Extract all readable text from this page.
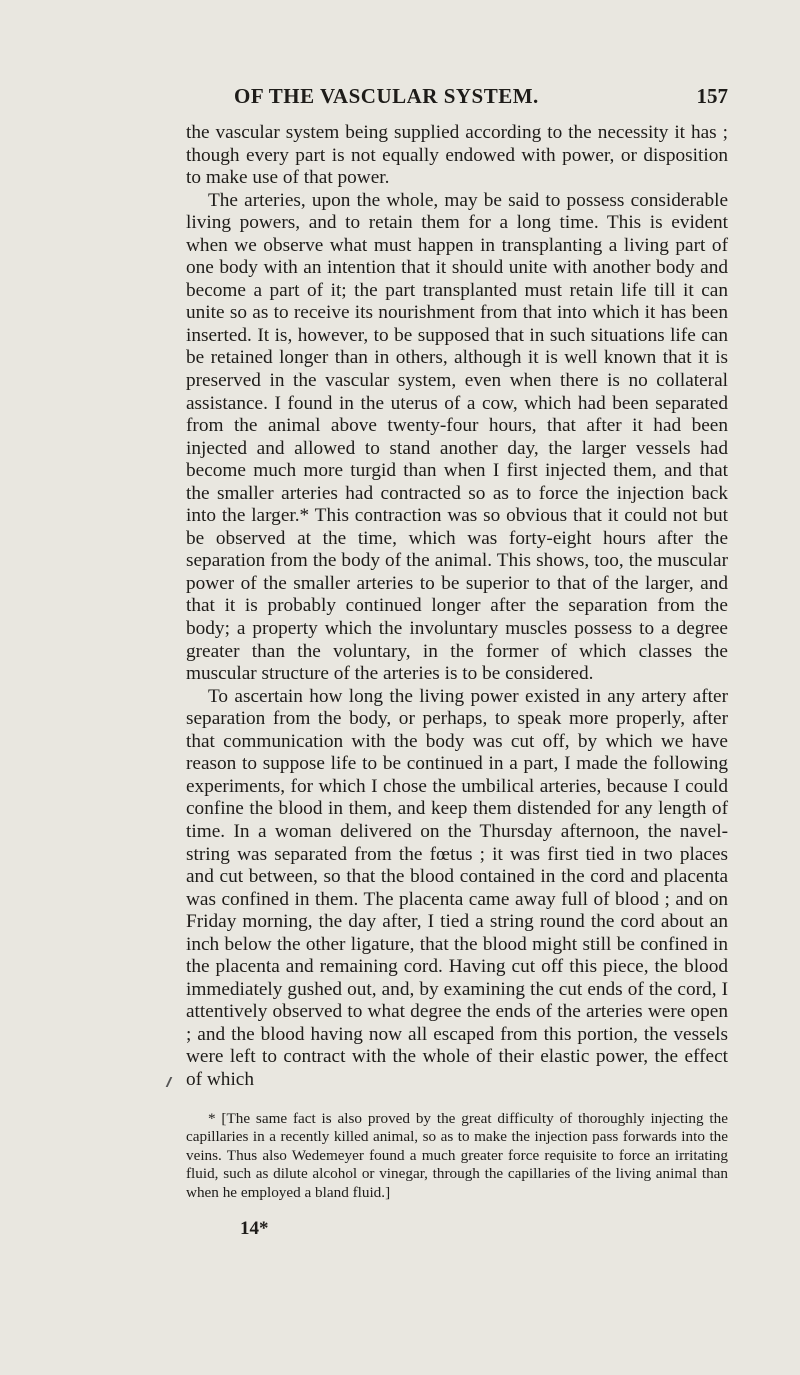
OF THE VASCULAR SYSTEM.	157

the vascular system being supplied according to the necessity it has ; though every part is not equally endowed with power, or disposition to make use of that power.

The arteries, upon the whole, may be said to possess considerable living powers, and to retain them for a long time. This is evident when we observe what must happen in transplanting a living part of one body with an intention that it should unite with another body and become a part of it; the part transplanted must retain life till it can unite so as to receive its nourishment from that into which it has been inserted. It is, however, to be supposed that in such situations life can be retained longer than in others, although it is well known that it is preserved in the vascular system, even when there is no collateral assistance. I found in the uterus of a cow, which had been separated from the animal above twenty-four hours, that after it had been injected and allowed to stand another day, the larger vessels had become much more turgid than when I first injected them, and that the smaller arteries had contracted so as to force the injection back into the larger.* This contraction was so obvious that it could not but be observed at the time, which was forty-eight hours after the separation from the body of the animal. This shows, too, the muscular power of the smaller arteries to be superior to that of the larger, and that it is probably continued longer after the separation from the body; a property which the involuntary muscles possess to a degree greater than the voluntary, in the former of which classes the muscular structure of the arteries is to be considered.

To ascertain how long the living power existed in any artery after separation from the body, or perhaps, to speak more properly, after that communication with the body was cut off, by which we have reason to suppose life to be continued in a part, I made the following experiments, for which I chose the umbilical arteries, because I could confine the blood in them, and keep them distended for any length of time. In a woman delivered on the Thursday afternoon, the navel-string was separated from the fœtus ; it was first tied in two places and cut between, so that the blood contained in the cord and placenta was confined in them. The placenta came away full of blood ; and on Friday morning, the day after, I tied a string round the cord about an inch below the other ligature, that the blood might still be confined in the placenta and remaining cord. Having cut off this piece, the blood immediately gushed out, and, by examining the cut ends of the cord, I attentively observed to what degree the ends of the arteries were open ; and the blood having now all escaped from this portion, the vessels were left to contract with the whole of their elastic power, the effect of which

* [The same fact is also proved by the great difficulty of thoroughly injecting the capillaries in a recently killed animal, so as to make the injection pass forwards into the veins. Thus also Wedemeyer found a much greater force requisite to force an irritating fluid, such as dilute alcohol or vinegar, through the capillaries of the living animal than when he employed a bland fluid.]

14*
